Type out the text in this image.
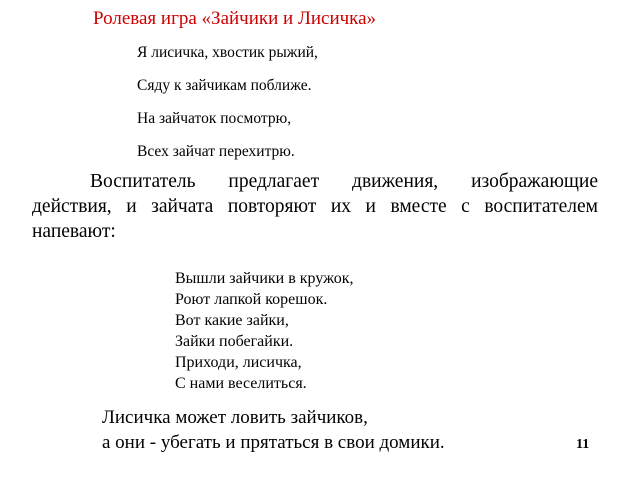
Ролевая игра «Зайчики и Лисичка»
Я лисичка, хвостик рыжий,
Сяду к зайчикам поближе.
На зайчаток посмотрю,
Всех зайчат перехитрю.
Воспитатель предлагает движения, изображающие действия, и зайчата повторяют их и вместе с воспитателем напевают:
Вышли зайчики в кружок,
Роют лапкой корешок.
Вот какие зайки,
Зайки побегайки.
Приходи, лисичка,
С нами веселиться.
Лисичка может ловить зайчиков,
а они - убегать и прятаться в свои домики.	11
